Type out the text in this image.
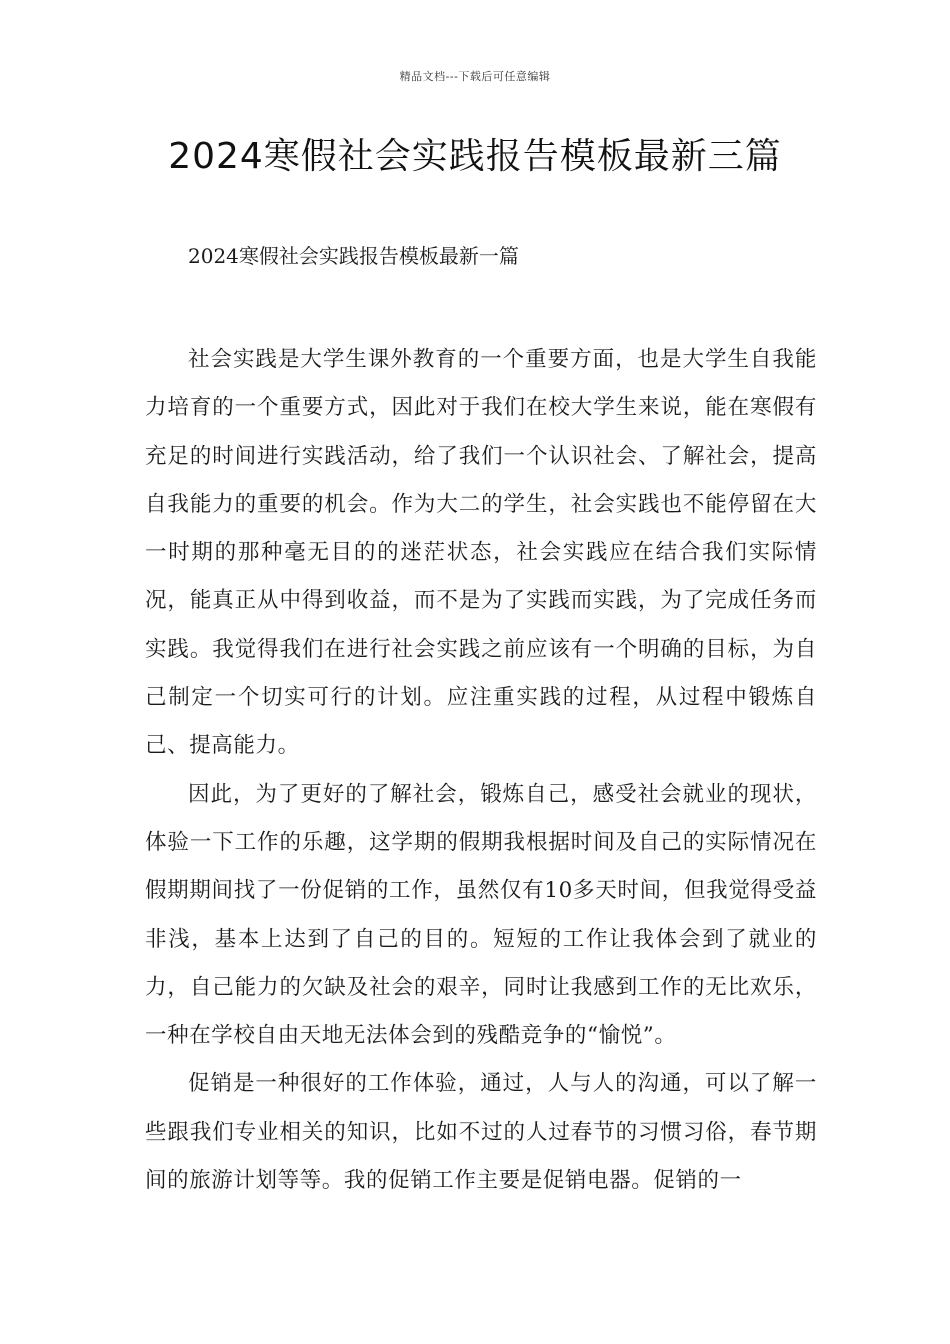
精品文档---下载后可任意编辑
2024寒假社会实践报告模板最新三篇
2024寒假社会实践报告模板最新一篇

社会实践是大学生课外教育的一个重要方面，也是大学生自我能力培育的一个重要方式，因此对于我们在校大学生来说，能在寒假有充足的时间进行实践活动，给了我们一个认识社会、了解社会，提高自我能力的重要的机会。作为大二的学生，社会实践也不能停留在大一时期的那种毫无目的的迷茫状态，社会实践应在结合我们实际情况，能真正从中得到收益，而不是为了实践而实践，为了完成任务而实践。我觉得我们在进行社会实践之前应该有一个明确的目标，为自己制定一个切实可行的计划。应注重实践的过程，从过程中锻炼自己、提高能力。

因此，为了更好的了解社会，锻炼自己，感受社会就业的现状，体验一下工作的乐趣，这学期的假期我根据时间及自己的实际情况在假期期间找了一份促销的工作，虽然仅有10多天时间，但我觉得受益非浅，基本上达到了自己的目的。短短的工作让我体会到了就业的力，自己能力的欠缺及社会的艰辛，同时让我感到工作的无比欢乐，一种在学校自由天地无法体会到的残酷竞争的“愉悦”。

促销是一种很好的工作体验，通过，人与人的沟通，可以了解一些跟我们专业相关的知识，比如不过的人过春节的习惯习俗，春节期间的旅游计划等等。我的促销工作主要是促销电器。促销的一
